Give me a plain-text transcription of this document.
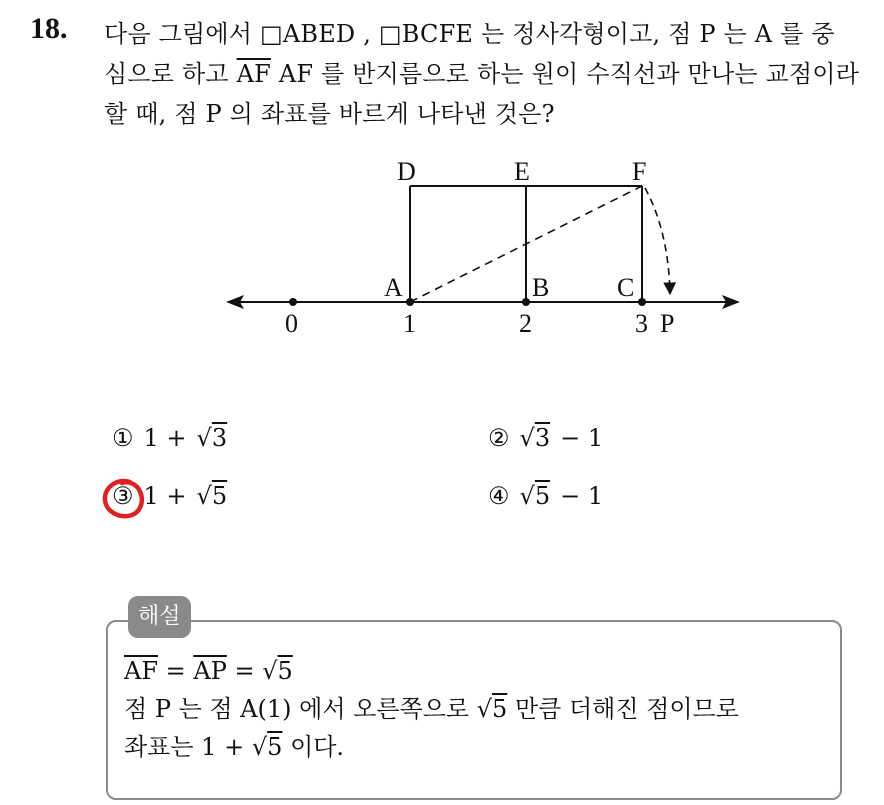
18. 다음 그림에서 □ABED , □BCFE 는 정사각형이고, 점 P 는 A 를 중
심으로 하고 $\overline{AF}$ AF 를 반지름으로 하는 원이 수직선과 만나는 교점이라
할 때, 점 P 의 좌표를 바르게 나타낸 것은?
D	E	F
A	B	C
0	1	2	3 P
① 1 + √3	② √3 − 1
③ 1 + √5	④ √5 − 1
해설
$\overline{AF} = \overline{AP} = √5$
점 P 는 점 A(1) 에서 오른쪽으로 √5 만큼 더해진 점이므로
좌표는 1 + √5 이다.
